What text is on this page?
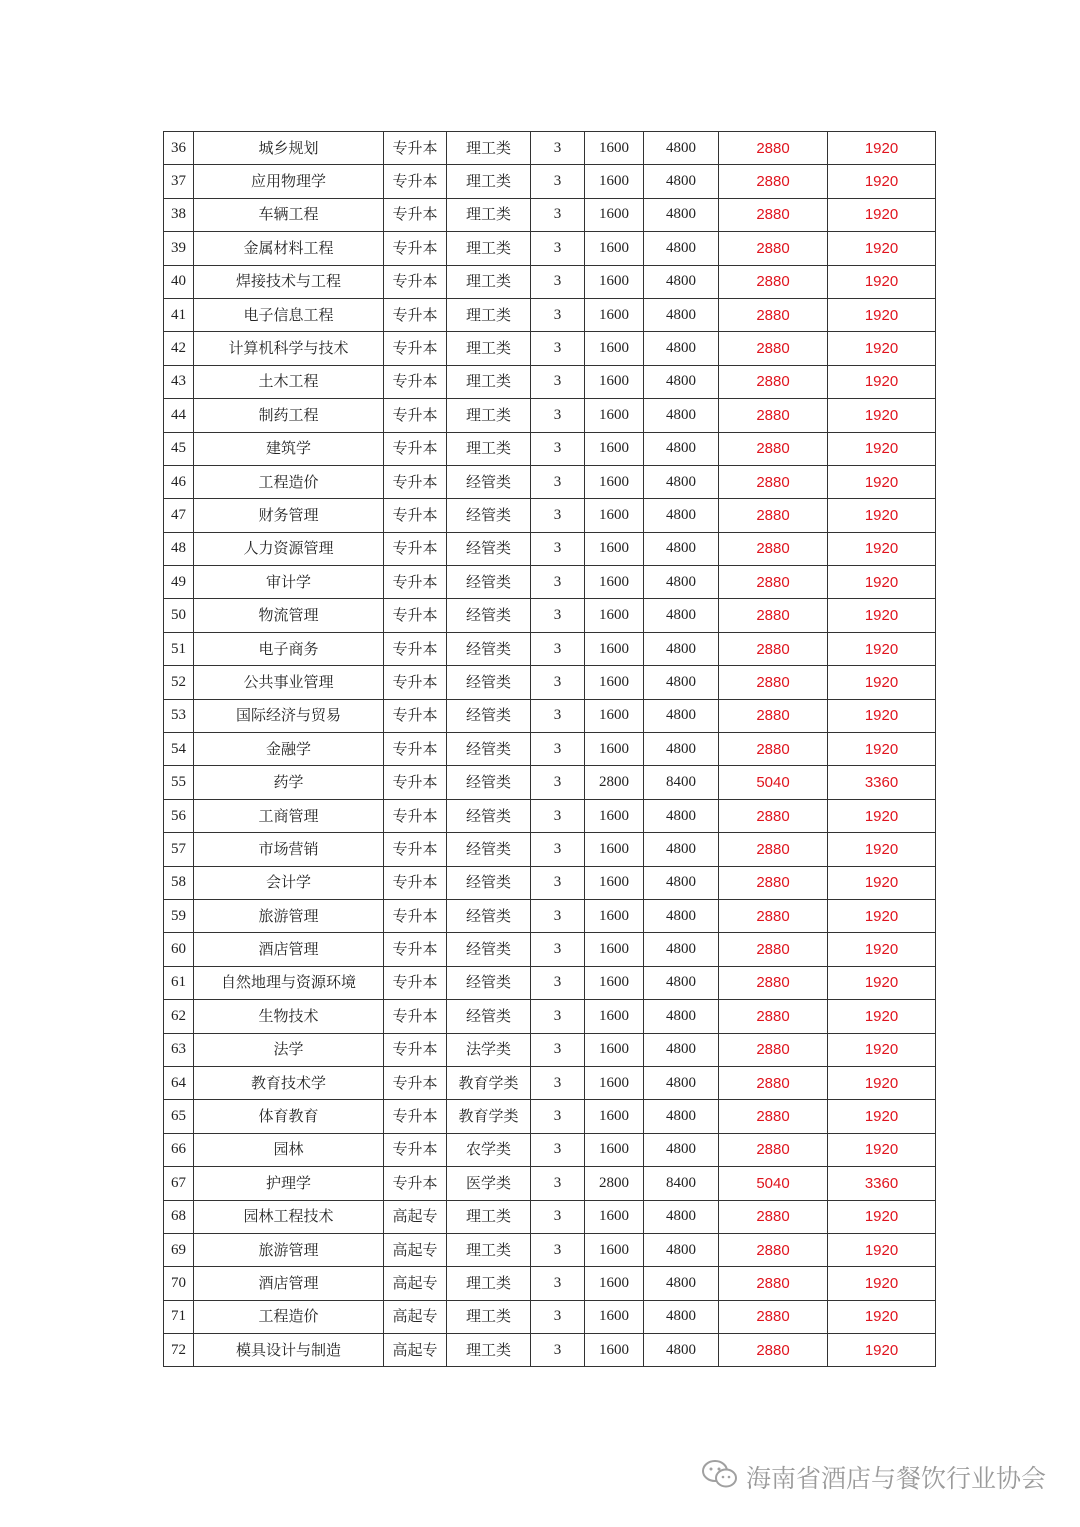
36	城乡规划	专升本	理工类	3	1600	4800	2880	1920
37	应用物理学	专升本	理工类	3	1600	4800	2880	1920
38	车辆工程	专升本	理工类	3	1600	4800	2880	1920
39	金属材料工程	专升本	理工类	3	1600	4800	2880	1920
40	焊接技术与工程	专升本	理工类	3	1600	4800	2880	1920
41	电子信息工程	专升本	理工类	3	1600	4800	2880	1920
42	计算机科学与技术	专升本	理工类	3	1600	4800	2880	1920
43	土木工程	专升本	理工类	3	1600	4800	2880	1920
44	制药工程	专升本	理工类	3	1600	4800	2880	1920
45	建筑学	专升本	理工类	3	1600	4800	2880	1920
46	工程造价	专升本	经管类	3	1600	4800	2880	1920
47	财务管理	专升本	经管类	3	1600	4800	2880	1920
48	人力资源管理	专升本	经管类	3	1600	4800	2880	1920
49	审计学	专升本	经管类	3	1600	4800	2880	1920
50	物流管理	专升本	经管类	3	1600	4800	2880	1920
51	电子商务	专升本	经管类	3	1600	4800	2880	1920
52	公共事业管理	专升本	经管类	3	1600	4800	2880	1920
53	国际经济与贸易	专升本	经管类	3	1600	4800	2880	1920
54	金融学	专升本	经管类	3	1600	4800	2880	1920
55	药学	专升本	经管类	3	2800	8400	5040	3360
56	工商管理	专升本	经管类	3	1600	4800	2880	1920
57	市场营销	专升本	经管类	3	1600	4800	2880	1920
58	会计学	专升本	经管类	3	1600	4800	2880	1920
59	旅游管理	专升本	经管类	3	1600	4800	2880	1920
60	酒店管理	专升本	经管类	3	1600	4800	2880	1920
61	自然地理与资源环境	专升本	经管类	3	1600	4800	2880	1920
62	生物技术	专升本	经管类	3	1600	4800	2880	1920
63	法学	专升本	法学类	3	1600	4800	2880	1920
64	教育技术学	专升本	教育学类	3	1600	4800	2880	1920
65	体育教育	专升本	教育学类	3	1600	4800	2880	1920
66	园林	专升本	农学类	3	1600	4800	2880	1920
67	护理学	专升本	医学类	3	2800	8400	5040	3360
68	园林工程技术	高起专	理工类	3	1600	4800	2880	1920
69	旅游管理	高起专	理工类	3	1600	4800	2880	1920
70	酒店管理	高起专	理工类	3	1600	4800	2880	1920
71	工程造价	高起专	理工类	3	1600	4800	2880	1920
72	模具设计与制造	高起专	理工类	3	1600	4800	2880	1920
海南省酒店与餐饮行业协会
